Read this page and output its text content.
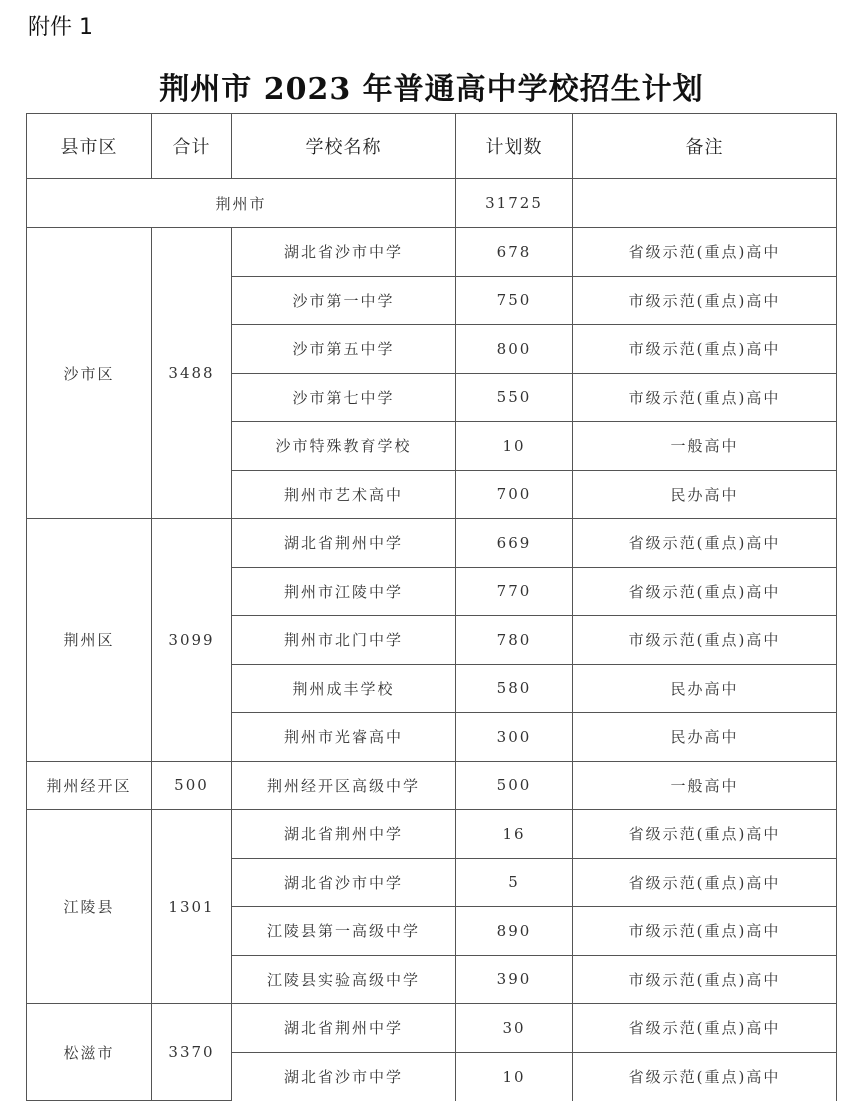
附件 1
荆州市 2023 年普通高中学校招生计划
县市区	合计	学校名称	计划数	备注
荆州市			31725	
沙市区	3488	湖北省沙市中学	678	省级示范(重点)高中
		沙市第一中学	750	市级示范(重点)高中
		沙市第五中学	800	市级示范(重点)高中
		沙市第七中学	550	市级示范(重点)高中
		沙市特殊教育学校	10	一般高中
		荆州市艺术高中	700	民办高中
荆州区	3099	湖北省荆州中学	669	省级示范(重点)高中
		荆州市江陵中学	770	省级示范(重点)高中
		荆州市北门中学	780	市级示范(重点)高中
		荆州成丰学校	580	民办高中
		荆州市光睿高中	300	民办高中
荆州经开区	500	荆州经开区高级中学	500	一般高中
江陵县	1301	湖北省荆州中学	16	省级示范(重点)高中
		湖北省沙市中学	5	省级示范(重点)高中
		江陵县第一高级中学	890	市级示范(重点)高中
		江陵县实验高级中学	390	市级示范(重点)高中
松滋市	3370	湖北省荆州中学	30	省级示范(重点)高中
		湖北省沙市中学	10	省级示范(重点)高中
